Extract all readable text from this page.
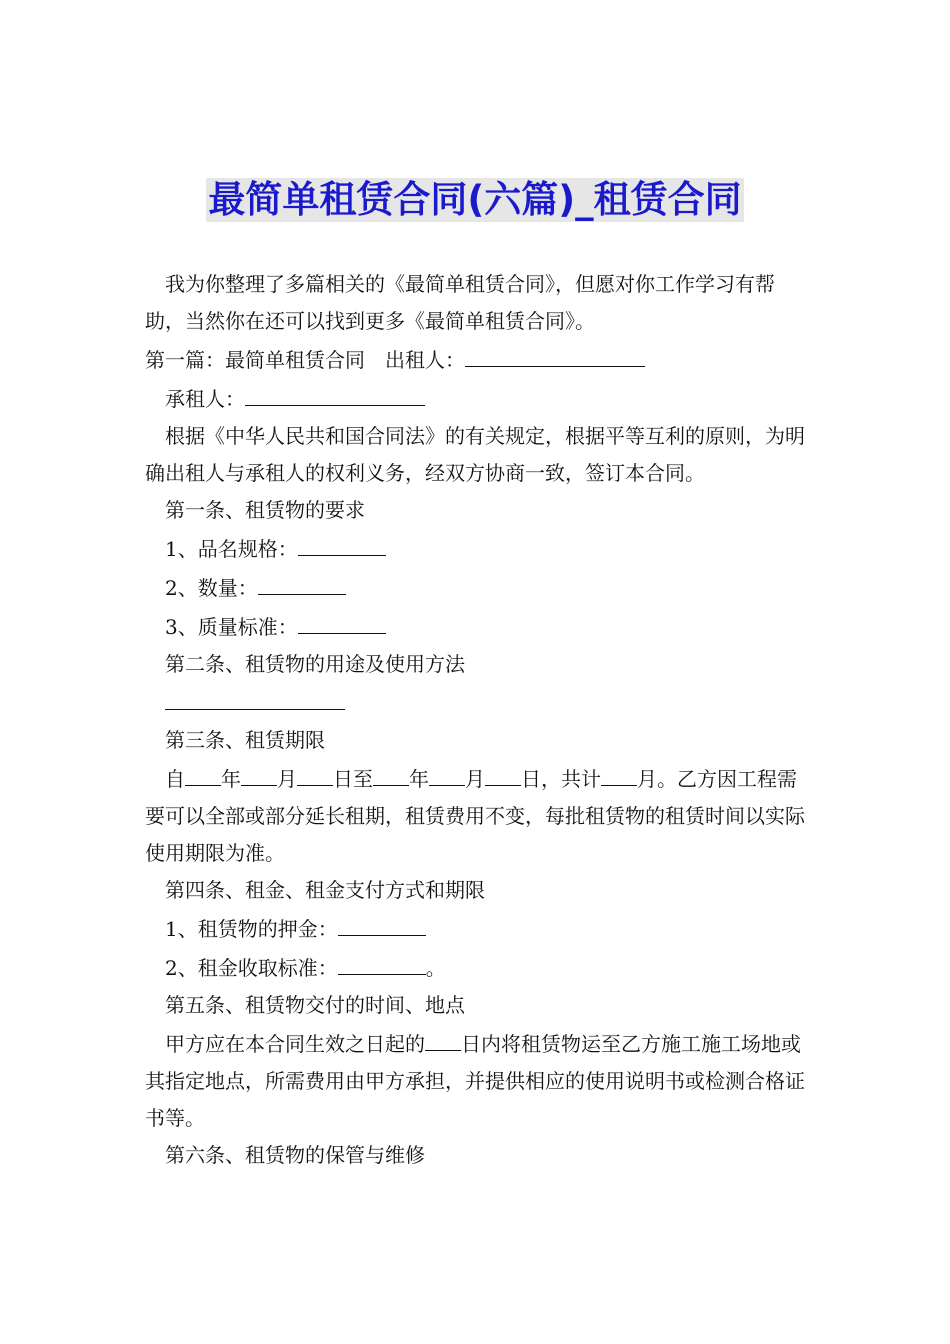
最简单租赁合同(六篇)_租赁合同

我为你整理了多篇相关的《最简单租赁合同》，但愿对你工作学习有帮助，当然你在还可以找到更多《最简单租赁合同》。

第一篇：最简单租赁合同　出租人：

承租人：

根据《中华人民共和国合同法》的有关规定，根据平等互利的原则，为明确出租人与承租人的权利义务，经双方协商一致，签订本合同。

第一条、租赁物的要求

1、品名规格：

2、数量：

3、质量标准：

第二条、租赁物的用途及使用方法

第三条、租赁期限

自 年 月 日至 年 月 日，共计 月。乙方因工程需要可以全部或部分延长租期，租赁费用不变，每批租赁物的租赁时间以实际使用期限为准。

第四条、租金、租金支付方式和期限

1、租赁物的押金：

2、租金收取标准：	。

第五条、租赁物交付的时间、地点

甲方应在本合同生效之日起的 日内将租赁物运至乙方施工施工场地或其指定地点，所需费用由甲方承担，并提供相应的使用说明书或检测合格证书等。

第六条、租赁物的保管与维修
